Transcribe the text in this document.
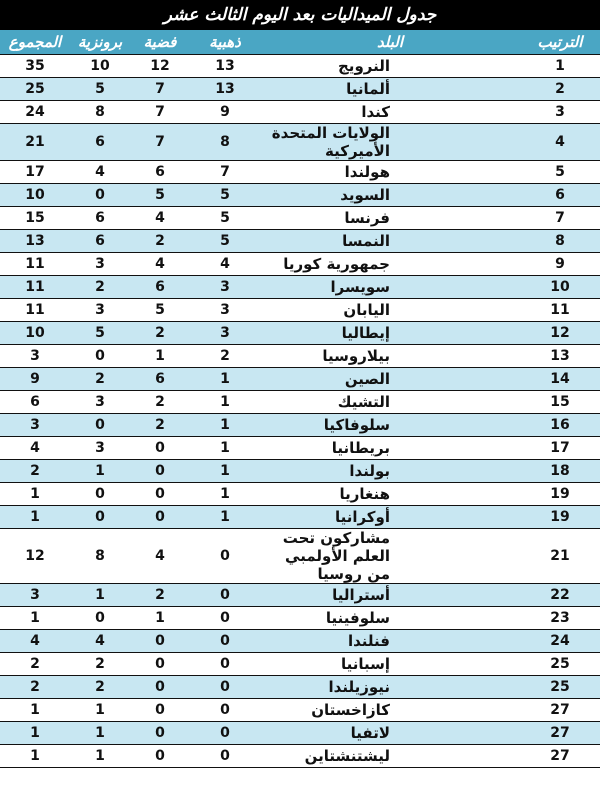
جدول الميداليات بعد اليوم الثالث عشر
الترتيب	البلد	ذهبية	فضية	برونزية	المجموع
1	النرويج	13	12	10	35
2	ألمانيا	13	7	5	25
3	كندا	9	7	8	24
4	الولايات المتحدة الأميركية	8	7	6	21
5	هولندا	7	6	4	17
6	السويد	5	5	0	10
7	فرنسا	5	4	6	15
8	النمسا	5	2	6	13
9	جمهورية كوريا	4	4	3	11
10	سويسرا	3	6	2	11
11	اليابان	3	5	3	11
12	إيطاليا	3	2	5	10
13	بيلاروسيا	2	1	0	3
14	الصين	1	6	2	9
15	التشيك	1	2	3	6
16	سلوفاكيا	1	2	0	3
17	بريطانيا	1	0	3	4
18	بولندا	1	0	1	2
19	هنغاريا	1	0	0	1
19	أوكرانيا	1	0	0	1
21	مشاركون تحت العلم الأولمبي من روسيا	0	4	8	12
22	أستراليا	0	2	1	3
23	سلوفينيا	0	1	0	1
24	فنلندا	0	0	4	4
25	إسبانيا	0	0	2	2
25	نيوزيلندا	0	0	2	2
27	كازاخستان	0	0	1	1
27	لاتفيا	0	0	1	1
27	ليشتنشتاين	0	0	1	1
